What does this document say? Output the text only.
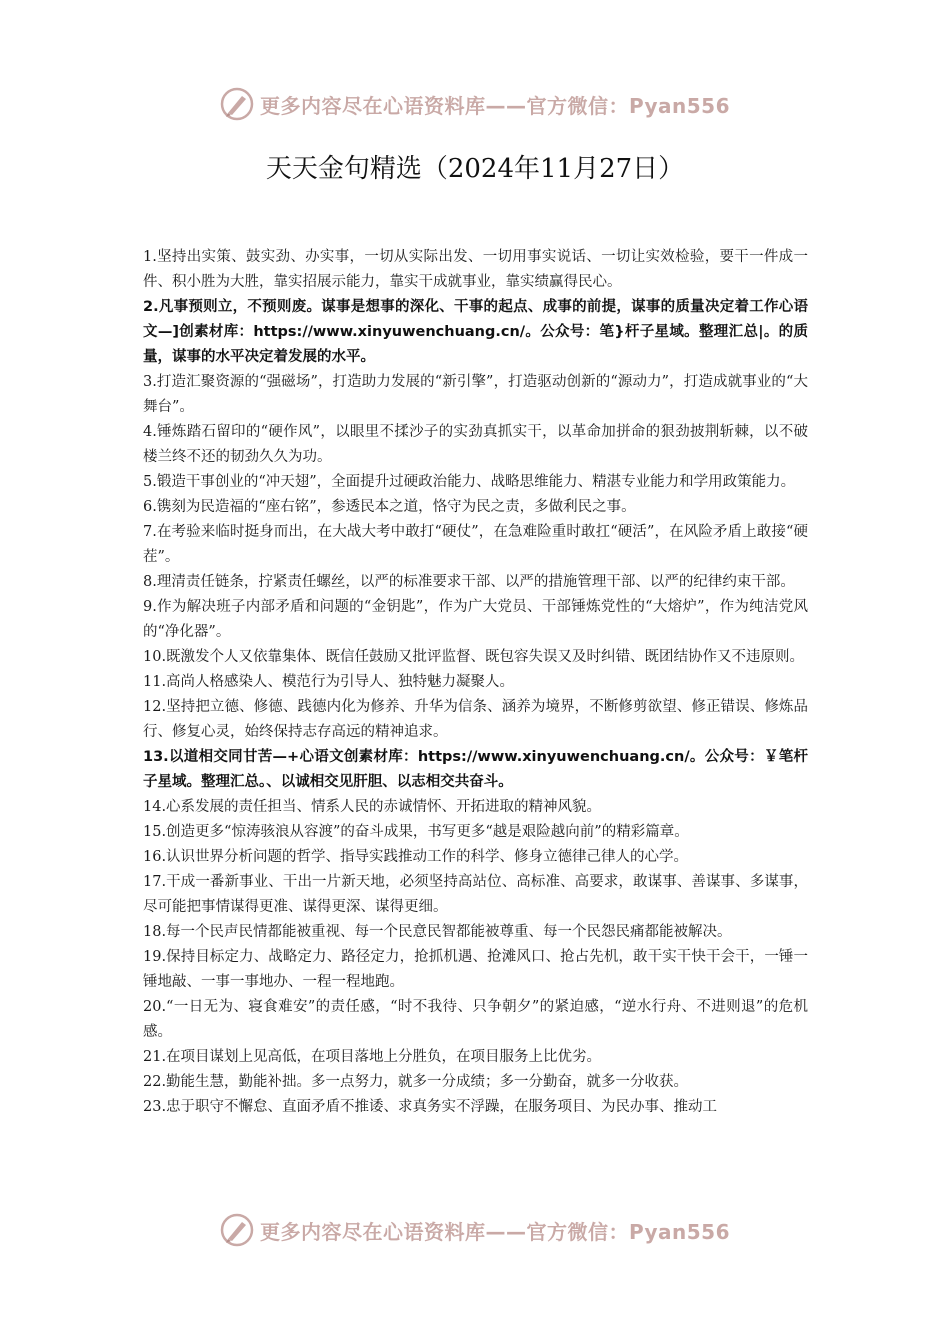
更多内容尽在心语资料库——官方微信：Pyan556
天天金句精选（2024年11月27日）

1.坚持出实策、鼓实劲、办实事，一切从实际出发、一切用事实说话、一切让实效检验，要干一件成一件、积小胜为大胜，靠实招展示能力，靠实干成就事业，靠实绩赢得民心。

2.凡事预则立，不预则废。谋事是想事的深化、干事的起点、成事的前提，谋事的质量决定着工作心语文—]创素材库：https://www.xinyuwenchuang.cn/。公众号：笔}杆子星域。整理汇总|。的质量，谋事的水平决定着发展的水平。

3.打造汇聚资源的“强磁场”，打造助力发展的“新引擎”，打造驱动创新的“源动力”，打造成就事业的“大舞台”。

4.锤炼踏石留印的“硬作风”，以眼里不揉沙子的实劲真抓实干，以革命加拼命的狠劲披荆斩棘，以不破楼兰终不还的韧劲久久为功。

5.锻造干事创业的“冲天翅”，全面提升过硬政治能力、战略思维能力、精湛专业能力和学用政策能力。

6.镌刻为民造福的“座右铭”，参透民本之道，恪守为民之责，多做利民之事。

7.在考验来临时挺身而出，在大战大考中敢打“硬仗”，在急难险重时敢扛“硬活”，在风险矛盾上敢接“硬茬”。

8.理清责任链条，拧紧责任螺丝，以严的标准要求干部、以严的措施管理干部、以严的纪律约束干部。

9.作为解决班子内部矛盾和问题的“金钥匙”，作为广大党员、干部锤炼党性的“大熔炉”，作为纯洁党风的“净化器”。

10.既激发个人又依靠集体、既信任鼓励又批评监督、既包容失误又及时纠错、既团结协作又不违原则。

11.高尚人格感染人、模范行为引导人、独特魅力凝聚人。

12.坚持把立德、修德、践德内化为修养、升华为信条、涵养为境界，不断修剪欲望、修正错误、修炼品行、修复心灵，始终保持志存高远的精神追求。

13.以道相交同甘苦—+心语文创素材库：https://www.xinyuwenchuang.cn/。公众号：￥笔杆子星域。整理汇总。、以诚相交见肝胆、以志相交共奋斗。

14.心系发展的责任担当、情系人民的赤诚情怀、开拓进取的精神风貌。

15.创造更多“惊涛骇浪从容渡”的奋斗成果，书写更多“越是艰险越向前”的精彩篇章。

16.认识世界分析问题的哲学、指导实践推动工作的科学、修身立德律己律人的心学。

17.干成一番新事业、干出一片新天地，必须坚持高站位、高标准、高要求，敢谋事、善谋事、多谋事，尽可能把事情谋得更准、谋得更深、谋得更细。

18.每一个民声民情都能被重视、每一个民意民智都能被尊重、每一个民怨民痛都能被解决。

19.保持目标定力、战略定力、路径定力，抢抓机遇、抢滩风口、抢占先机，敢干实干快干会干，一锤一锤地敲、一事一事地办、一程一程地跑。

20.“一日无为、寝食难安”的责任感，“时不我待、只争朝夕”的紧迫感，“逆水行舟、不进则退”的危机感。

21.在项目谋划上见高低，在项目落地上分胜负，在项目服务上比优劣。

22.勤能生慧，勤能补拙。多一点努力，就多一分成绩；多一分勤奋，就多一分收获。

23.忠于职守不懈怠、直面矛盾不推诿、求真务实不浮躁，在服务项目、为民办事、推动工

更多内容尽在心语资料库——官方微信：Pyan556
